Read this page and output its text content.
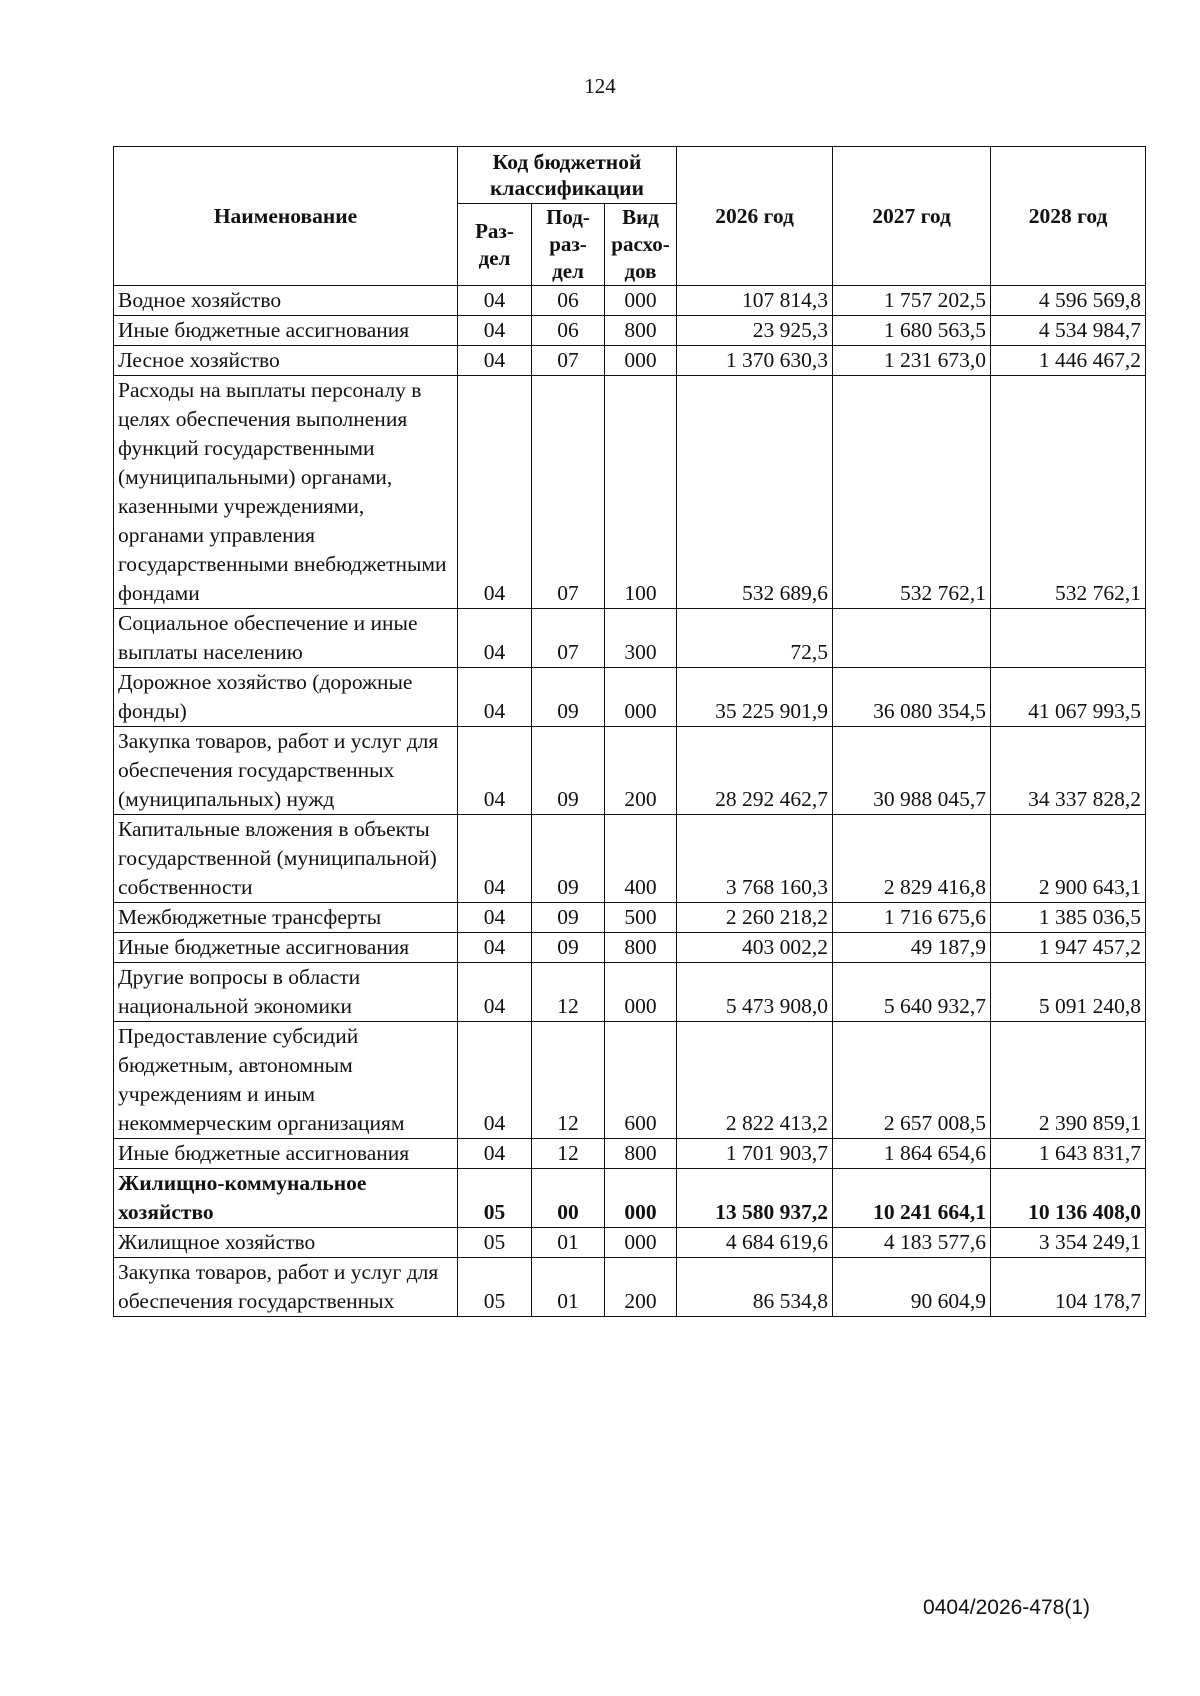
124
Наименование	Код бюджетной классификации			2026 год	2027 год	2028 год
	Раз-дел	Под-раз-дел	Вид расхо-дов			
Водное хозяйство	04	06	000	107 814,3	1 757 202,5	4 596 569,8
Иные бюджетные ассигнования	04	06	800	23 925,3	1 680 563,5	4 534 984,7
Лесное хозяйство	04	07	000	1 370 630,3	1 231 673,0	1 446 467,2
Расходы на выплаты персоналу в целях обеспечения выполнения функций государственными (муниципальными) органами, казенными учреждениями, органами управления государственными внебюджетными фондами	04	07	100	532 689,6	532 762,1	532 762,1
Социальное обеспечение и иные выплаты населению	04	07	300	72,5		
Дорожное хозяйство (дорожные фонды)	04	09	000	35 225 901,9	36 080 354,5	41 067 993,5
Закупка товаров, работ и услуг для обеспечения государственных (муниципальных) нужд	04	09	200	28 292 462,7	30 988 045,7	34 337 828,2
Капитальные вложения в объекты государственной (муниципальной) собственности	04	09	400	3 768 160,3	2 829 416,8	2 900 643,1
Межбюджетные трансферты	04	09	500	2 260 218,2	1 716 675,6	1 385 036,5
Иные бюджетные ассигнования	04	09	800	403 002,2	49 187,9	1 947 457,2
Другие вопросы в области национальной экономики	04	12	000	5 473 908,0	5 640 932,7	5 091 240,8
Предоставление субсидий бюджетным, автономным учреждениям и иным некоммерческим организациям	04	12	600	2 822 413,2	2 657 008,5	2 390 859,1
Иные бюджетные ассигнования	04	12	800	1 701 903,7	1 864 654,6	1 643 831,7
Жилищно-коммунальное хозяйство	05	00	000	13 580 937,2	10 241 664,1	10 136 408,0
Жилищное хозяйство	05	01	000	4 684 619,6	4 183 577,6	3 354 249,1
Закупка товаров, работ и услуг для обеспечения государственных	05	01	200	86 534,8	90 604,9	104 178,7
0404/2026-478(1)
